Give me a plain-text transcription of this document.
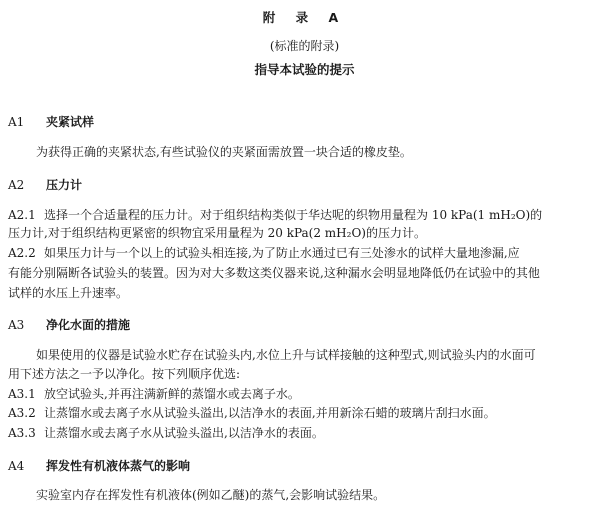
附 录 A
(标准的附录)
指导本试验的提示
A1 夹紧试样
为获得正确的夹紧状态,有些试验仪的夹紧面需放置一块合适的橡皮垫。
A2 压力计
A2.1 选择一个合适量程的压力计。对于组织结构类似于华达呢的织物用量程为 10 kPa(1 mH₂O)的
压力计,对于组织结构更紧密的织物宜采用量程为 20 kPa(2 mH₂O)的压力计。
A2.2 如果压力计与一个以上的试验头相连接,为了防止水通过已有三处渗水的试样大量地渗漏,应
有能分别隔断各试验头的装置。因为对大多数这类仪器来说,这种漏水会明显地降低仍在试验中的其他
试样的水压上升速率。
A3 净化水面的措施
如果使用的仪器是试验水贮存在试验头内,水位上升与试样接触的这种型式,则试验头内的水面可
用下述方法之一予以净化。按下列顺序优选:
A3.1 放空试验头,并再注满新鲜的蒸馏水或去离子水。
A3.2 让蒸馏水或去离子水从试验头溢出,以洁净水的表面,并用新涂石蜡的玻璃片刮扫水面。
A3.3 让蒸馏水或去离子水从试验头溢出,以洁净水的表面。
A4 挥发性有机液体蒸气的影响
实验室内存在挥发性有机液体(例如乙醚)的蒸气,会影响试验结果。
